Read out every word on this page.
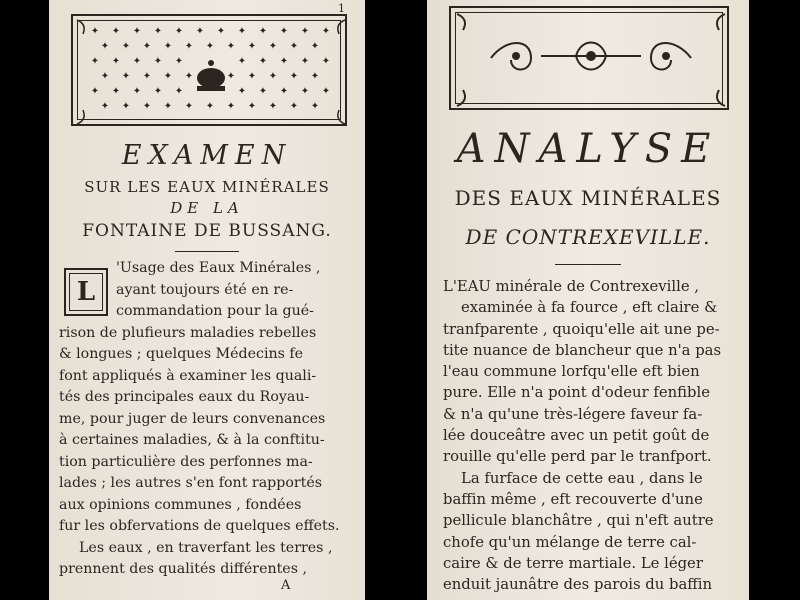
1
✦ ✦ ✦ ✦ ✦ ✦ ✦ ✦ ✦ ✦ ✦ ✦
✦ ✦ ✦ ✦ ✦ ✦ ✦ ✦ ✦ ✦ ✦
✦ ✦ ✦ ✦ ✦	✦ ✦ ✦ ✦ ✦
✦ ✦ ✦ ✦ ✦	✦ ✦ ✦ ✦ ✦
✦ ✦ ✦ ✦ ✦	✦ ✦ ✦ ✦ ✦
✦ ✦ ✦ ✦ ✦ ✦ ✦ ✦ ✦ ✦ ✦
EXAMEN
SUR LES EAUX MINÉRALES
DE LA
FONTAINE DE BUSSANG.
L
'Usage des Eaux Minérales ,
ayant toujours été en re-
commandation pour la gué-
rison de plufieurs maladies rebelles
& longues ; quelques Médecins fe
font appliqués à examiner les quali-
tés des principales eaux du Royau-
me, pour juger de leurs convenances
à certaines maladies, & à la conftitu-
tion particulière des perfonnes ma-
lades ; les autres s'en font rapportés
aux opinions communes , fondées
fur les obfervations de quelques effets.
Les eaux , en traverfant les terres ,
prennent des qualités différentes ,
A
ANALYSE
DES EAUX MINÉRALES
DE CONTREXEVILLE.
L'EAU minérale de Contrexeville ,
examinée à fa fource , eft claire &
tranfparente , quoiqu'elle ait une pe-
tite nuance de blancheur que n'a pas
l'eau commune lorfqu'elle eft bien
pure. Elle n'a point d'odeur fenfible
& n'a qu'une très-légere faveur fa-
lée douceâtre avec un petit goût de
rouille qu'elle perd par le tranfport.
La furface de cette eau , dans le
baffin même , eft recouverte d'une
pellicule blanchâtre , qui n'eft autre
chofe qu'un mélange de terre cal-
caire & de terre martiale. Le léger
enduit jaunâtre des parois du baffin
